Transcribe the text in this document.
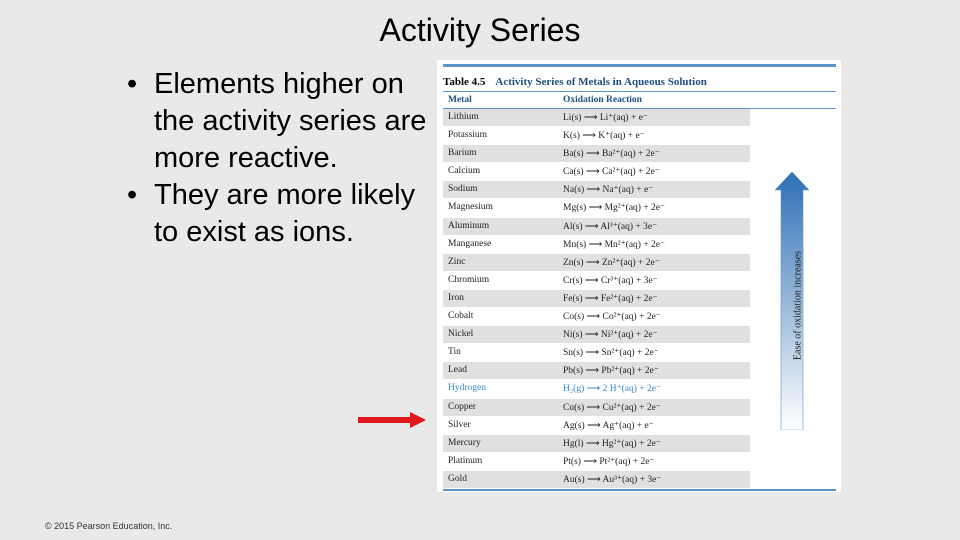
Activity Series
• Elements higher on the activity series are more reactive.
• They are more likely to exist as ions.
Table 4.5 Activity Series of Metals in Aqueous Solution
Metal	Oxidation Reaction
Lithium	Li(s) ⟶ Li⁺(aq) + e⁻
Potassium	K(s) ⟶ K⁺(aq) + e⁻
Barium	Ba(s) ⟶ Ba²⁺(aq) + 2e⁻
Calcium	Ca(s) ⟶ Ca²⁺(aq) + 2e⁻
Sodium	Na(s) ⟶ Na⁺(aq) + e⁻
Magnesium	Mg(s) ⟶ Mg²⁺(aq) + 2e⁻
Aluminum	Al(s) ⟶ Al³⁺(aq) + 3e⁻
Manganese	Mn(s) ⟶ Mn²⁺(aq) + 2e⁻
Zinc	Zn(s) ⟶ Zn²⁺(aq) + 2e⁻
Chromium	Cr(s) ⟶ Cr³⁺(aq) + 3e⁻
Iron	Fe(s) ⟶ Fe²⁺(aq) + 2e⁻
Cobalt	Co(s) ⟶ Co²⁺(aq) + 2e⁻
Nickel	Ni(s) ⟶ Ni²⁺(aq) + 2e⁻
Tin	Sn(s) ⟶ Sn²⁺(aq) + 2e⁻
Lead	Pb(s) ⟶ Pb²⁺(aq) + 2e⁻
Hydrogen	H₂(g) ⟶ 2 H⁺(aq) + 2e⁻
Copper	Cu(s) ⟶ Cu²⁺(aq) + 2e⁻
Silver	Ag(s) ⟶ Ag⁺(aq) + e⁻
Mercury	Hg(l) ⟶ Hg²⁺(aq) + 2e⁻
Platinum	Pt(s) ⟶ Pt²⁺(aq) + 2e⁻
Gold	Au(s) ⟶ Au³⁺(aq) + 3e⁻
Ease of oxidation increases
© 2015 Pearson Education, Inc.
